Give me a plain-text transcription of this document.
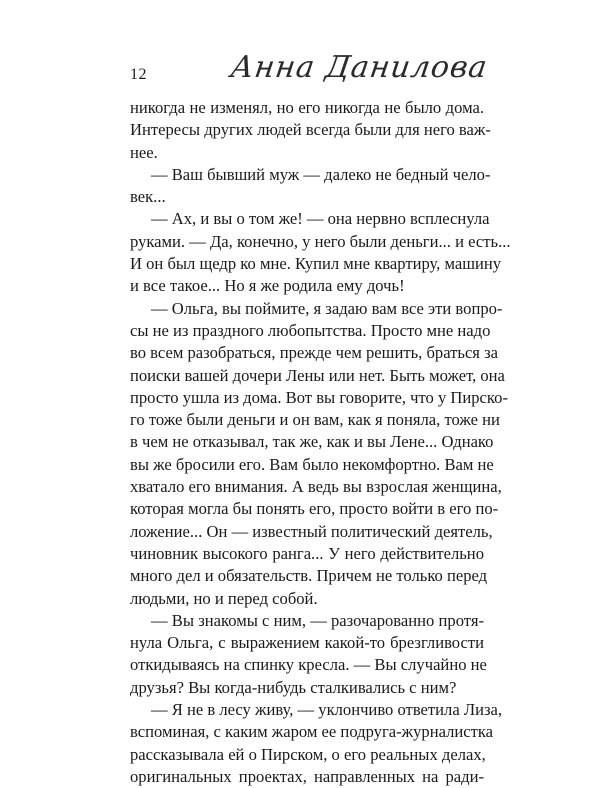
12	Анна Данилова
никогда не изменял, но его никогда не было дома.
Интересы других людей всегда были для него важ-
нее.
— Ваш бывший муж — далеко не бедный чело-
век...
— Ах, и вы о том же! — она нервно всплеснула
руками. — Да, конечно, у него были деньги... и есть...
И он был щедр ко мне. Купил мне квартиру, машину
и все такое... Но я же родила ему дочь!
— Ольга, вы поймите, я задаю вам все эти вопро-
сы не из праздного любопытства. Просто мне надо
во всем разобраться, прежде чем решить, браться за
поиски вашей дочери Лены или нет. Быть может, она
просто ушла из дома. Вот вы говорите, что у Пирско-
го тоже были деньги и он вам, как я поняла, тоже ни
в чем не отказывал, так же, как и вы Лене... Однако
вы же бросили его. Вам было некомфортно. Вам не
хватало его внимания. А ведь вы взрослая женщина,
которая могла бы понять его, просто войти в его по-
ложение... Он — известный политический деятель,
чиновник высокого ранга... У него действительно
много дел и обязательств. Причем не только перед
людьми, но и перед собой.
— Вы знакомы с ним, — разочарованно протя-
нула Ольга, с выражением какой-то брезгливости
откидываясь на спинку кресла. — Вы случайно не
друзья? Вы когда-нибудь сталкивались с ним?
— Я не в лесу живу, — уклончиво ответила Лиза,
вспоминая, с каким жаром ее подруга-журналистка
рассказывала ей о Пирском, о его реальных делах,
оригинальных проектах, направленных на ради-
